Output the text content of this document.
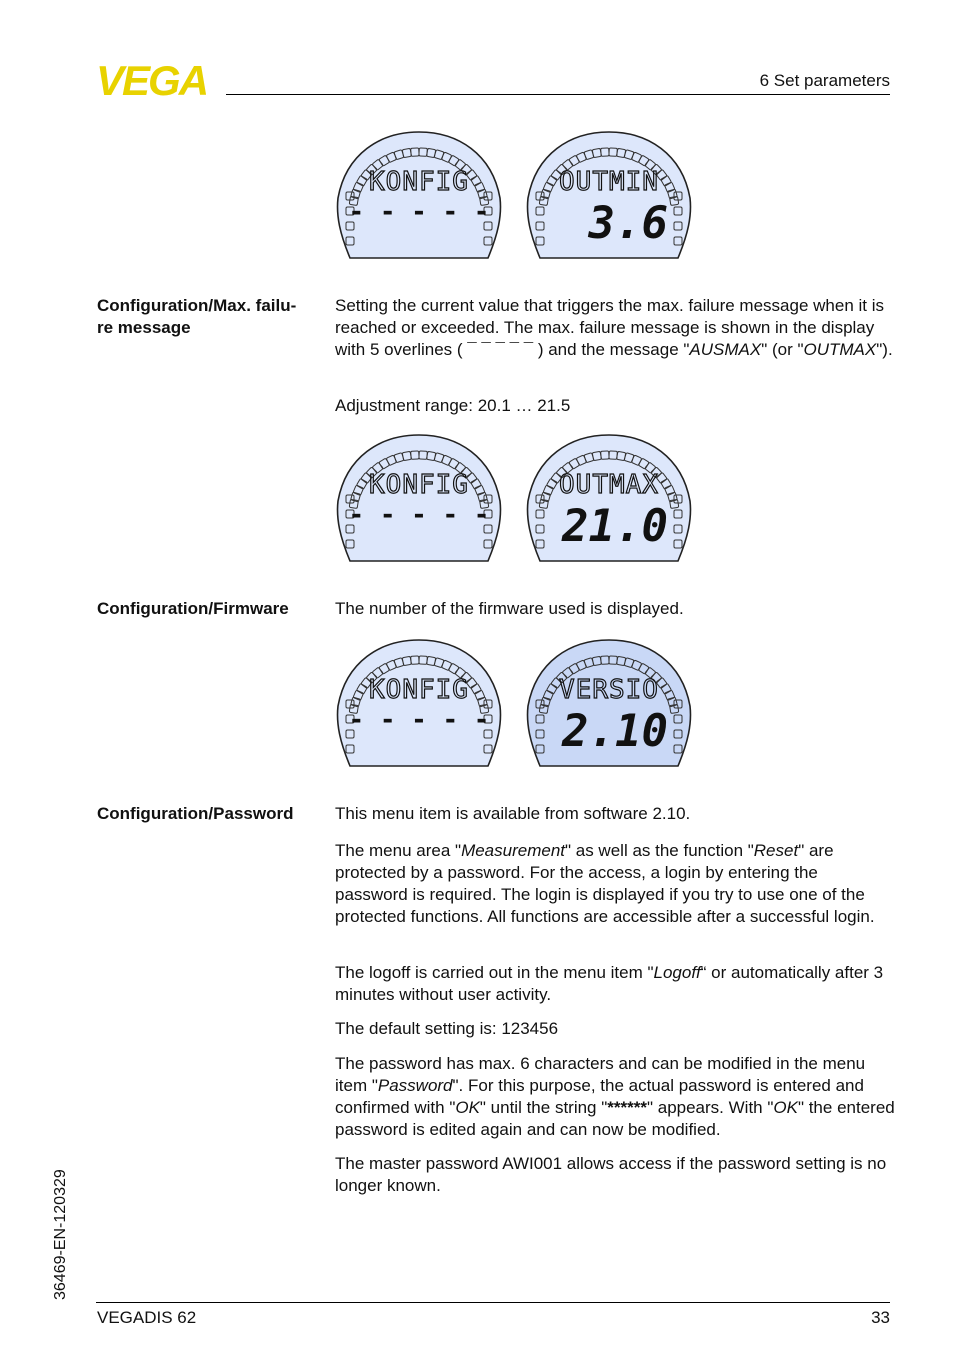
VEGA	6 Set parameters
KONFIG
- - - - -
OUTMIN
3.6
Configuration/Max. failu-
re message
Setting the current value that triggers the max. failure message when it is reached or exceeded. The max. failure message is shown in the display with 5 overlines ( ¯ ¯ ¯ ¯ ¯ ) and the message "AUSMAX" (or "OUTMAX").
Adjustment range: 20.1 … 21.5
KONFIG
- - - - -
OUTMAX
21.0
Configuration/Firmware	The number of the firmware used is displayed.
KONFIG
- - - - -
VERSIO
2.10
Configuration/Password	This menu item is available from software 2.10.
The menu area "Measurement" as well as the function "Reset" are protected by a password. For the access, a login by entering the password is required. The login is displayed if you try to use one of the protected functions. All functions are accessible after a successful login.
The logoff is carried out in the menu item "Logoff“ or automatically after 3 minutes without user activity.
The default setting is: 123456
The password has max. 6 characters and can be modified in the menu item "Password". For this purpose, the actual password is entered and confirmed with "OK" until the string "******" appears. With "OK" the entered password is edited again and can now be modified.
The master password AWI001 allows access if the password setting is no longer known.
36469-EN-120329
VEGADIS 62	33
